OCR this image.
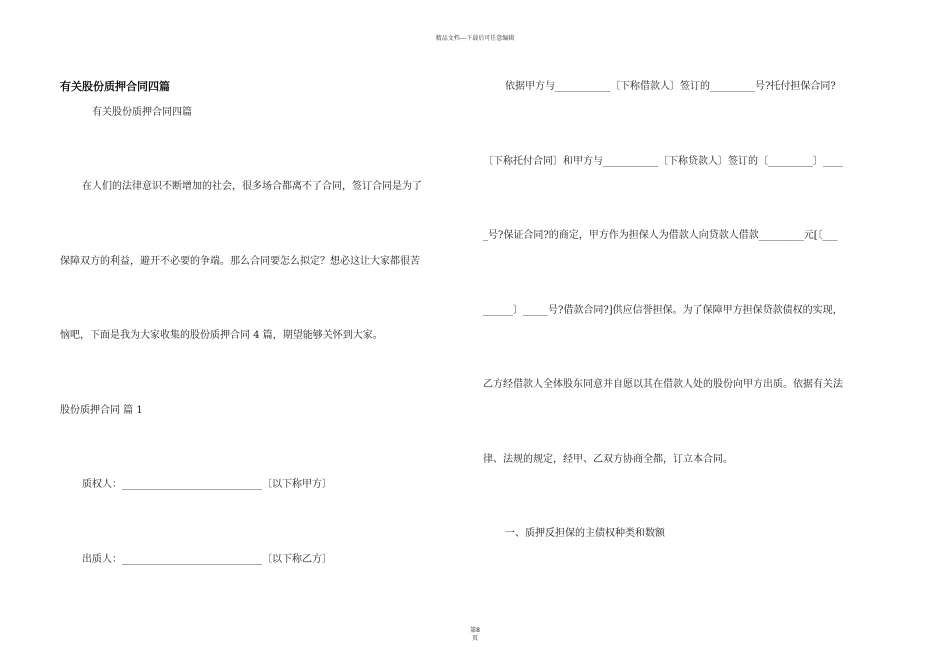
精品文档---下载后可任意编辑
有关股份质押合同四篇
有关股份质押合同四篇
在人们的法律意识不断增加的社会，很多场合都离不了合同，签订合同是为了
保障双方的利益，避开不必要的争端。那么合同要怎么拟定？想必这让大家都很苦
恼吧，下面是我为大家收集的股份质押合同 4 篇，期望能够关怀到大家。
股份质押合同 篇 1
质权人：____________________________〔以下称甲方〕
出质人：____________________________〔以下称乙方〕
依据甲方与___________〔下称借款人〕签订的_________号?托付担保合同?
〔下称托付合同〕和甲方与___________〔下称贷款人〕签订的〔_________〕____
_号?保证合同?的商定，甲方作为担保人为借款人向贷款人借款_________元[〔___
______〕_____号?借款合同?]供应信誉担保。为了保障甲方担保贷款债权的实现，
乙方经借款人全体股东同意并自愿以其在借款人处的股份向甲方出质。依据有关法
律、法规的规定，经甲、乙双方协商全都，订立本合同。
一、质押反担保的主债权种类和数额
第8
页
